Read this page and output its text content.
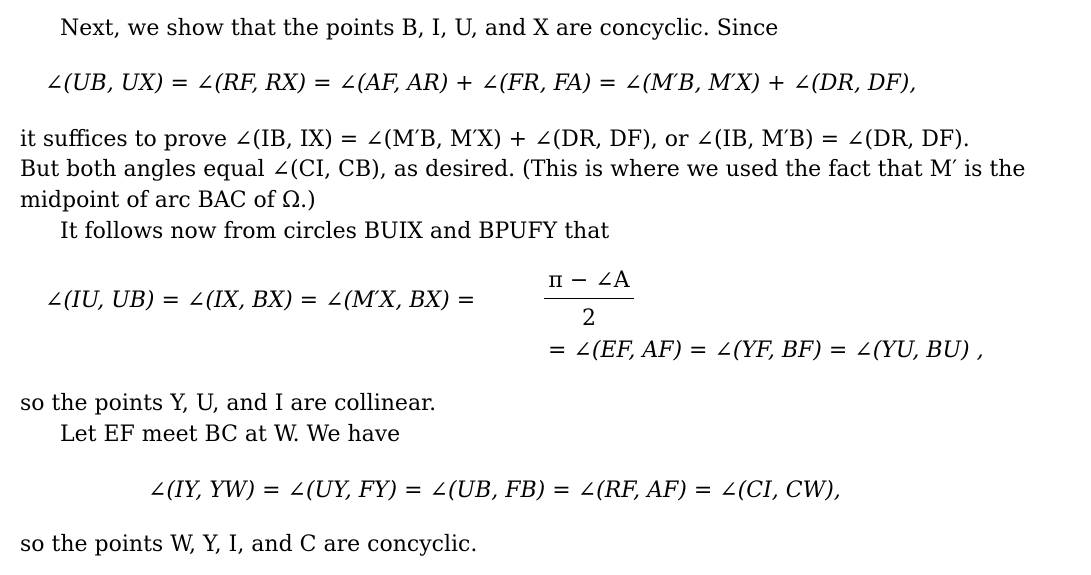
Next, we show that the points B, I, U, and X are concyclic. Since
∠(UB, UX) = ∠(RF, RX) = ∠(AF, AR) + ∠(FR, FA) = ∠(M′B, M′X) + ∠(DR, DF),
it suffices to prove ∠(IB, IX) = ∠(M′B, M′X) + ∠(DR, DF), or ∠(IB, M′B) = ∠(DR, DF).
But both angles equal ∠(CI, CB), as desired. (This is where we used the fact that M′ is the
midpoint of arc BAC of Ω.)
It follows now from circles BUIX and BPUFY that
∠(IU, UB) = ∠(IX, BX) = ∠(M′X, BX) =
π − ∠A
2
= ∠(EF, AF) = ∠(YF, BF) = ∠(YU, BU) ,
so the points Y, U, and I are collinear.
Let EF meet BC at W. We have
∠(IY, YW) = ∠(UY, FY) = ∠(UB, FB) = ∠(RF, AF) = ∠(CI, CW),
so the points W, Y, I, and C are concyclic.
